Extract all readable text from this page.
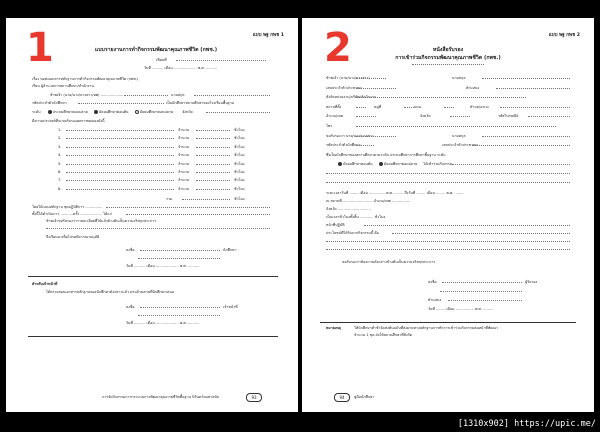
1	แบบ พฐ กพช 1
แบบรายงานการทำกิจกรรมพัฒนาคุณภาพชีวิต (กพช.)
เขียนที่
วันที่ .......... เดือน .................... พ.ศ. ..........
เรื่อง ขอส่งเอกสารหลักฐานการทำกิจกรรมพัฒนาคุณภาพชีวิต (กพช.)
เรียน ผู้อำนวยการสถานศึกษา/สำนักงาน
ข้าพเจ้า (นาย/นาง/นางสาว/ยศ) ....................	นามสกุล
รหัสประจำตัวนักศึกษา	เป็นนักศึกษาสถานศึกษาของโรงเรียนพื้นฐาน
ระดับ	ประถมศึกษาตอนปลาย	มัธยมศึกษาตอนต้น	มัธยมศึกษาตอนปลาย	จังหวัด
มีความประสงค์ที่จะขอรับรองผลการทดลองดังนี้
1.	จำนวน	ชั่วโมง
2.	จำนวน	ชั่วโมง
3.	จำนวน	ชั่วโมง
4.	จำนวน	ชั่วโมง
5.	จำนวน	ชั่วโมง
6.	จำนวน	ชั่วโมง
7.	จำนวน	ชั่วโมง
8.	จำนวน	ชั่วโมง
รวม	ชั่วโมง
โดยได้แนบหลักฐาน ชุดปฏิบัติการ ...............
ทั้งนี้ได้ดำเนินการ ...........ครั้ง ................... ได้แก่
ข้าพเจ้าขอรับรองว่ารายละเอียดที่ได้แจ้งข้างต้นเป็นความจริงทุกประการ
จึงเรียนมาเพื่อโปรดพิจารณาอนุมัติ
ลงชื่อ	นักศึกษา
วันที่ .......... เดือน .................... พ.ศ. ..........
สำหรับเจ้าหน้าที่
ได้ตรวจสอบเอกสารหลักฐานของนักศึกษาดังกล่าวแล้ว ครบถ้วนตามที่นักศึกษาเสนอ
ลงชื่อ	เจ้าหน้าที่
วันที่ .......... เดือน .................... พ.ศ. ..........
การจัดกิจกรรมการกระบวนการพัฒนาคุณภาพชีวิตพื้นฐาน นิรันดร์ขอหาสนับ	93
2	แบบ พฐ กพช 2
หนังสือรับรอง
การเข้าร่วมกิจกรรมพัฒนาคุณภาพชีวิต (กพช.)
ข้าพเจ้า (นาย/นาง/นางสาว)	นามสกุล
เลขประจำตัวประชาชน	ตำแหน่ง
สังกัดหน่วยงาน/บริษัท/สำนักงาน
สถานที่ตั้ง	หมู่ที่	ถนน	ตำบล/แขวง
อำเภอ/เขต	จังหวัด	รหัสไปรษณีย์
โทร
ขอรับรองว่า นาย/นาง/นางสาว	นามสกุล
รหัสประจำตัวนักศึกษา	เลขประจำตัวประชาชน
ซึ่งเป็นนักศึกษาของสถานศึกษาตามระดับ ประถมศึกษาการศึกษาพื้นฐาน ระดับ
มัธยมศึกษาตอนต้น	มัธยมศึกษาตอนปลาย ได้เข้าร่วมกิจกรรม
ระยะเวลาวันที่ ........ เดือน .............. พ.ศ. ........ ถึงวันที่ ........ เดือน ........ พ.ศ. ........
ณ สถานที่ .......................... อำเภอ/เขต ................
จังหวัด .............................
เป็นเวลาชั่วโมงทั้งสิ้น ............ ชั่วโมง
หน้าที่ปฏิบัติ
ประโยชน์ที่ได้รับจากกิจกรรมนี้ คือ
ขอรับรองว่าข้อความดังกล่าวข้างต้นเป็นความจริงทุกประการ
ลงชื่อ	ผู้รับรอง
ตำแหน่ง
วันที่ ........ เดือน ................ พ.ศ. .........
หมายเหตุ	ให้นักศึกษาต่ำช่ำจัดส่งต้นฉบับที่ส่งผ่านทางหลักฐานการทำการเข้าร่วมกิจกรรมต่อหน้าที่พัฒนา
จำนวน 1 ชุด ส่งให้สถานศึกษาที่สังกัด
94	คู่มือนักศึกษา
[1310x902] https://upic.me/
